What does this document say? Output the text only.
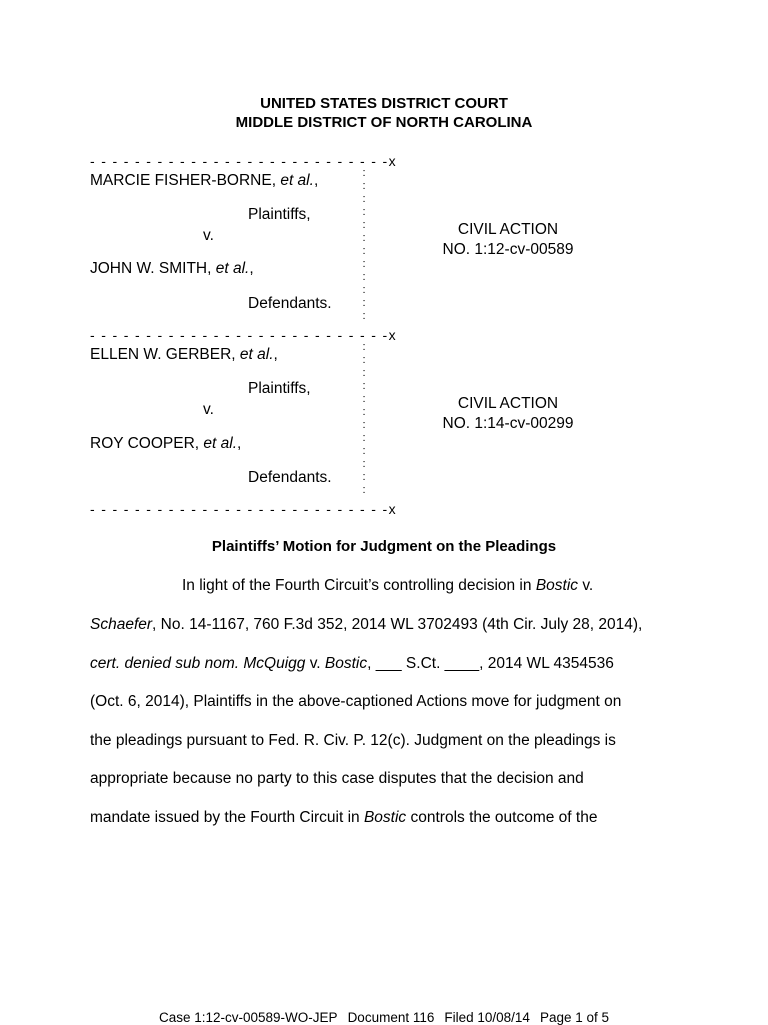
UNITED STATES DISTRICT COURT
MIDDLE DISTRICT OF NORTH CAROLINA
- - - - - - - - - - - - - - - - - - - - - - - - - - -x
MARCIE FISHER-BORNE, et al.,
Plaintiffs,
v.
JOHN W. SMITH, et al.,
Defendants.
CIVIL ACTION
NO. 1:12-cv-00589
:
:
:
:
:
:
:
:
:
:
:
:
- - - - - - - - - - - - - - - - - - - - - - - - - - -x
ELLEN W. GERBER, et al.,
Plaintiffs,
v.
ROY COOPER, et al.,
Defendants.
CIVIL ACTION
NO. 1:14-cv-00299
:
:
:
:
:
:
:
:
:
:
:
:
- - - - - - - - - - - - - - - - - - - - - - - - - - -x
Plaintiffs’ Motion for Judgment on the Pleadings
In light of the Fourth Circuit’s controlling decision in Bostic v.
Schaefer, No. 14-1167, 760 F.3d 352, 2014 WL 3702493 (4th Cir. July 28, 2014),
cert. denied sub nom. McQuigg v. Bostic, ___ S.Ct. ____, 2014 WL 4354536
(Oct. 6, 2014), Plaintiffs in the above-captioned Actions move for judgment on
the pleadings pursuant to Fed. R. Civ. P. 12(c). Judgment on the pleadings is
appropriate because no party to this case disputes that the decision and
mandate issued by the Fourth Circuit in Bostic controls the outcome of the
Case 1:12-cv-00589-WO-JEP Document 116 Filed 10/08/14 Page 1 of 5
